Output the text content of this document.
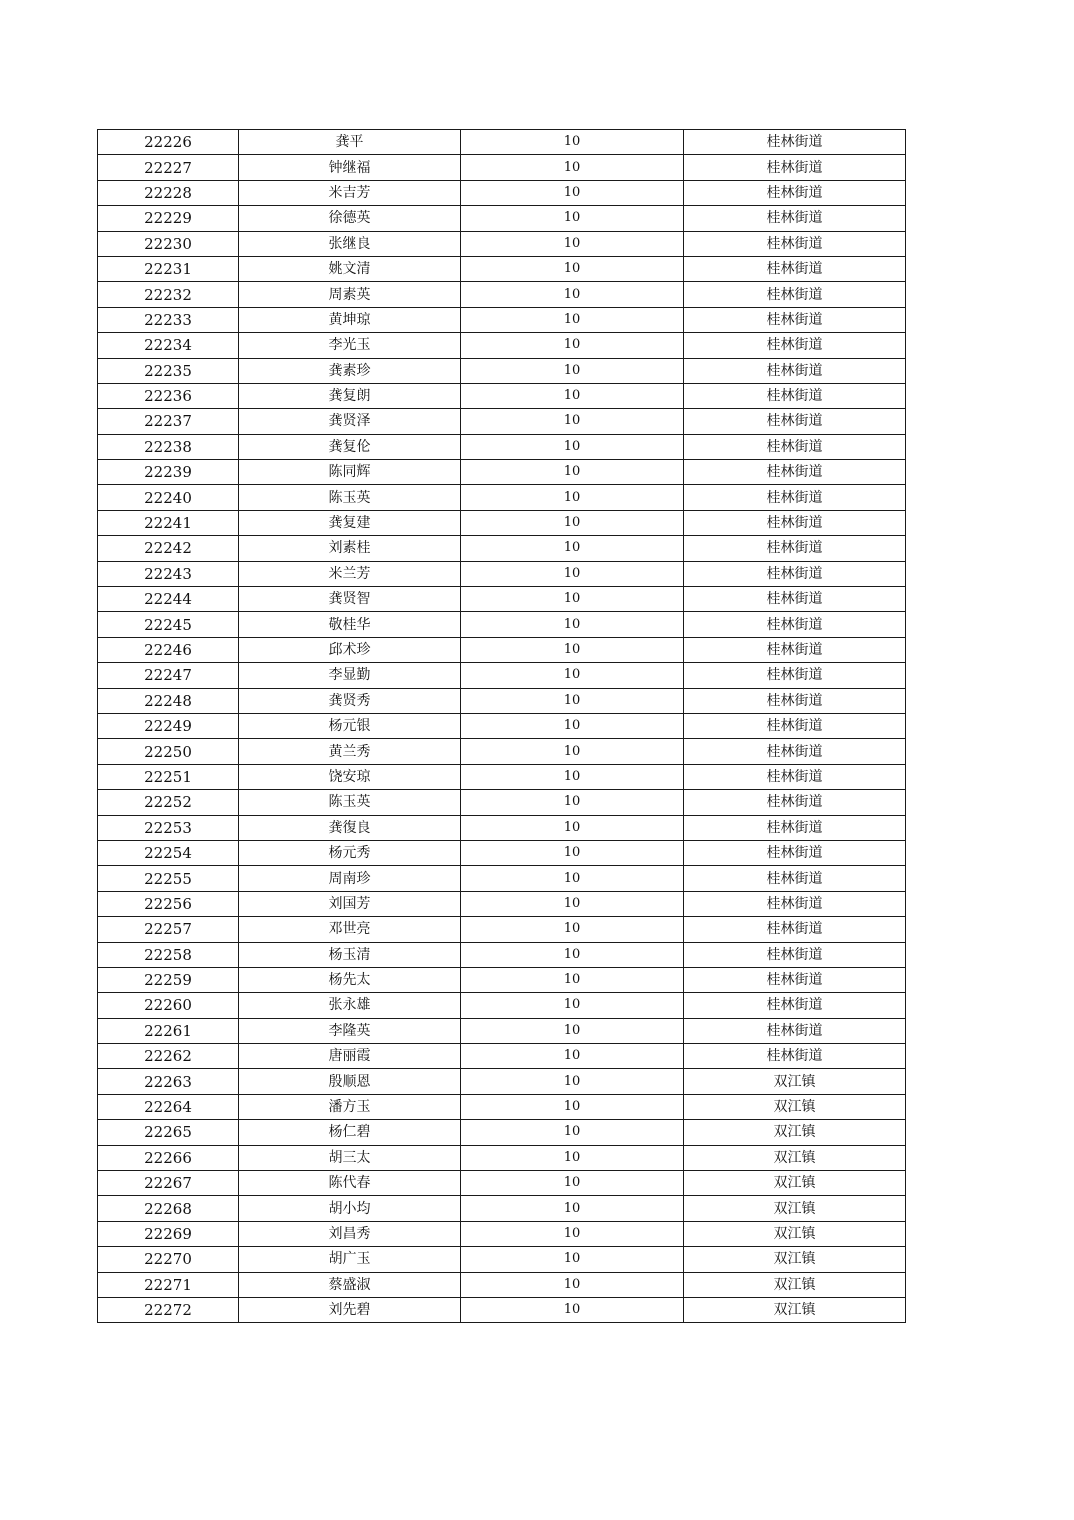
22226	龚平	10	桂林街道
22227	钟继福	10	桂林街道
22228	米吉芳	10	桂林街道
22229	徐德英	10	桂林街道
22230	张继良	10	桂林街道
22231	姚文清	10	桂林街道
22232	周素英	10	桂林街道
22233	黄坤琼	10	桂林街道
22234	李光玉	10	桂林街道
22235	龚素珍	10	桂林街道
22236	龚复朗	10	桂林街道
22237	龚贤泽	10	桂林街道
22238	龚复伦	10	桂林街道
22239	陈同辉	10	桂林街道
22240	陈玉英	10	桂林街道
22241	龚复建	10	桂林街道
22242	刘素桂	10	桂林街道
22243	米兰芳	10	桂林街道
22244	龚贤智	10	桂林街道
22245	敬桂华	10	桂林街道
22246	邱术珍	10	桂林街道
22247	李显勤	10	桂林街道
22248	龚贤秀	10	桂林街道
22249	杨元银	10	桂林街道
22250	黄兰秀	10	桂林街道
22251	饶安琼	10	桂林街道
22252	陈玉英	10	桂林街道
22253	龚復良	10	桂林街道
22254	杨元秀	10	桂林街道
22255	周南珍	10	桂林街道
22256	刘国芳	10	桂林街道
22257	邓世亮	10	桂林街道
22258	杨玉清	10	桂林街道
22259	杨先太	10	桂林街道
22260	张永雄	10	桂林街道
22261	李隆英	10	桂林街道
22262	唐丽霞	10	桂林街道
22263	殷顺恩	10	双江镇
22264	潘方玉	10	双江镇
22265	杨仁碧	10	双江镇
22266	胡三太	10	双江镇
22267	陈代春	10	双江镇
22268	胡小均	10	双江镇
22269	刘昌秀	10	双江镇
22270	胡广玉	10	双江镇
22271	蔡盛淑	10	双江镇
22272	刘先碧	10	双江镇
